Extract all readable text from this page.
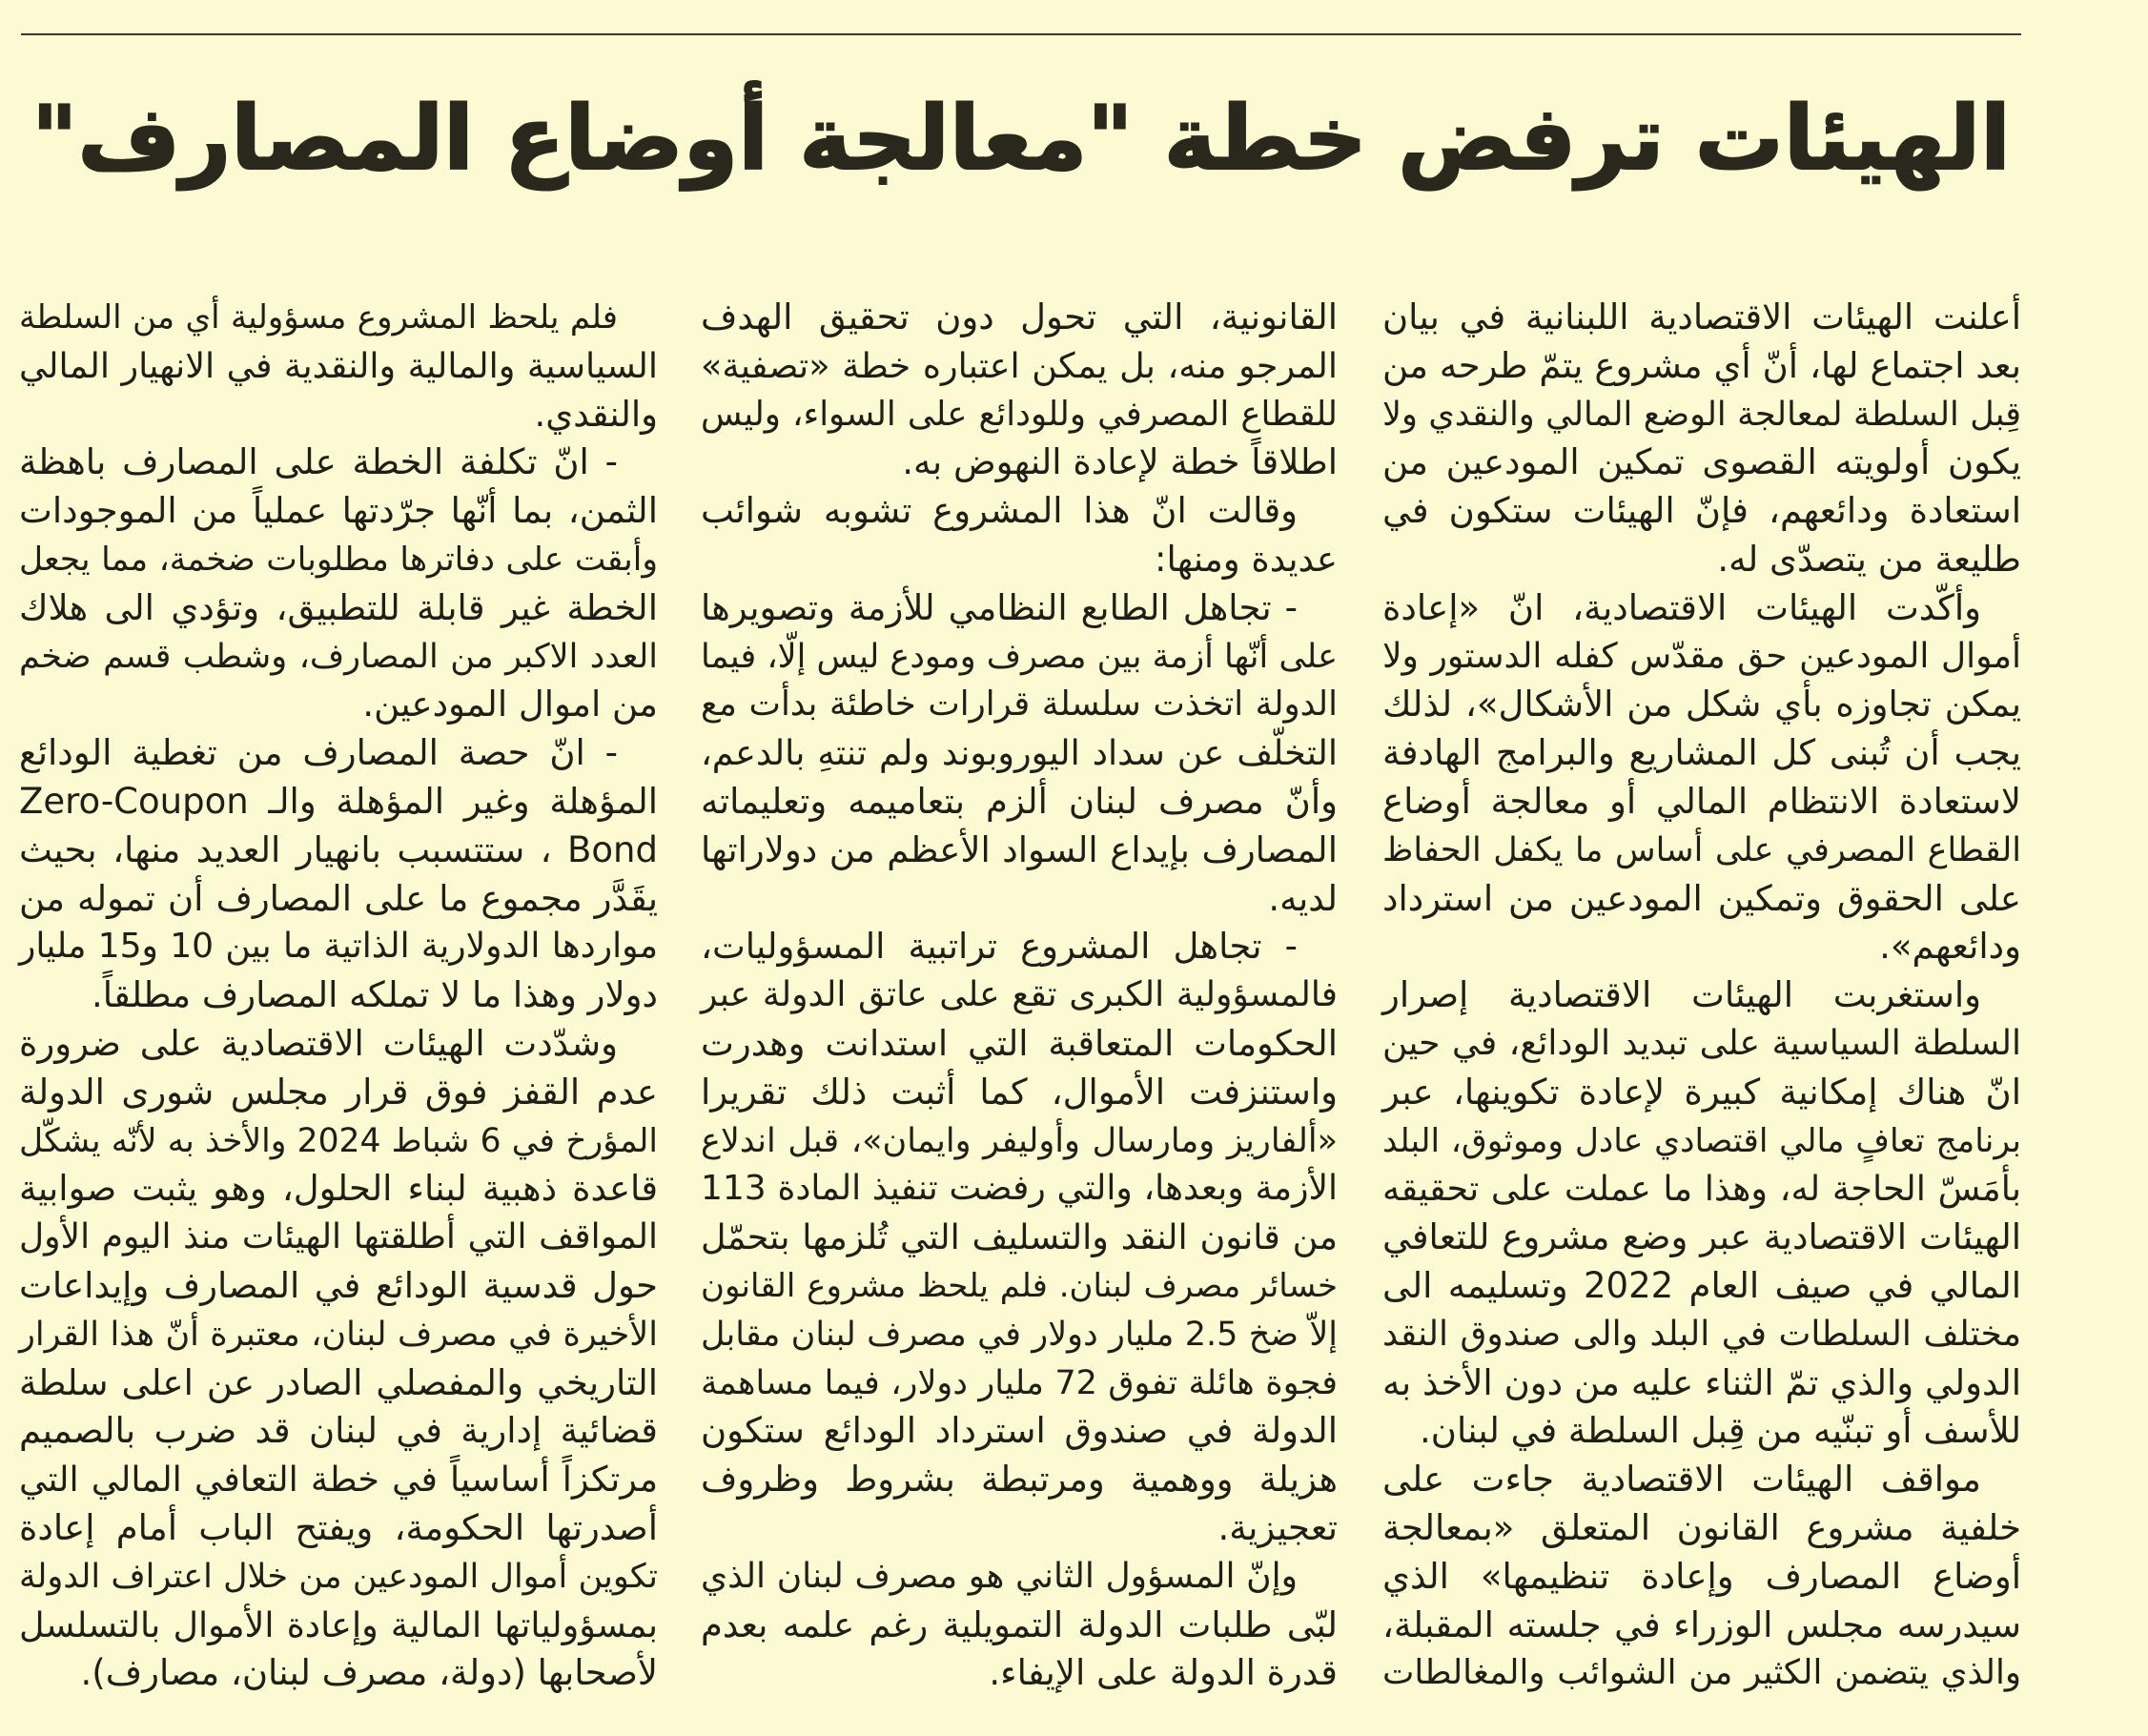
الهيئات ترفض خطة "معالجة أوضاع المصارف"
أعلنت الهيئات الاقتصادية اللبنانية في بيان
بعد اجتماع لها، أنّ أي مشروع يتمّ طرحه من
قِبل السلطة لمعالجة الوضع المالي والنقدي ولا
يكون أولويته القصوى تمكين المودعين من
استعادة ودائعهم، فإنّ الهيئات ستكون في
طليعة من يتصدّى له.
وأكّدت الهيئات الاقتصادية، انّ «إعادة
أموال المودعين حق مقدّس كفله الدستور ولا
يمكن تجاوزه بأي شكل من الأشكال»، لذلك
يجب أن تُبنى كل المشاريع والبرامج الهادفة
لاستعادة الانتظام المالي أو معالجة أوضاع
القطاع المصرفي على أساس ما يكفل الحفاظ
على الحقوق وتمكين المودعين من استرداد
ودائعهم».
واستغربت الهيئات الاقتصادية إصرار
السلطة السياسية على تبديد الودائع، في حين
انّ هناك إمكانية كبيرة لإعادة تكوينها، عبر
برنامج تعافٍ مالي اقتصادي عادل وموثوق، البلد
بأمَسّ الحاجة له، وهذا ما عملت على تحقيقه
الهيئات الاقتصادية عبر وضع مشروع للتعافي
المالي في صيف العام 2022 وتسليمه الى
مختلف السلطات في البلد والى صندوق النقد
الدولي والذي تمّ الثناء عليه من دون الأخذ به
للأسف أو تبنّيه من قِبل السلطة في لبنان.
مواقف الهيئات الاقتصادية جاءت على
خلفية مشروع القانون المتعلق «بمعالجة
أوضاع المصارف وإعادة تنظيمها» الذي
سيدرسه مجلس الوزراء في جلسته المقبلة،
والذي يتضمن الكثير من الشوائب والمغالطات
القانونية، التي تحول دون تحقيق الهدف
المرجو منه، بل يمكن اعتباره خطة «تصفية»
للقطاع المصرفي وللودائع على السواء، وليس
اطلاقاً خطة لإعادة النهوض به.
وقالت انّ هذا المشروع تشوبه شوائب
عديدة ومنها:
- تجاهل الطابع النظامي للأزمة وتصويرها
على أنّها أزمة بين مصرف ومودع ليس إلّا، فيما
الدولة اتخذت سلسلة قرارات خاطئة بدأت مع
التخلّف عن سداد اليوروبوند ولم تنتهِ بالدعم،
وأنّ مصرف لبنان ألزم بتعاميمه وتعليماته
المصارف بإيداع السواد الأعظم من دولاراتها
لديه.
- تجاهل المشروع تراتبية المسؤوليات،
فالمسؤولية الكبرى تقع على عاتق الدولة عبر
الحكومات المتعاقبة التي استدانت وهدرت
واستنزفت الأموال، كما أثبت ذلك تقريرا
«ألفاريز ومارسال وأوليفر وايمان»، قبل اندلاع
الأزمة وبعدها، والتي رفضت تنفيذ المادة 113
من قانون النقد والتسليف التي تُلزمها بتحمّل
خسائر مصرف لبنان. فلم يلحظ مشروع القانون
إلاّ ضخ 2.5 مليار دولار في مصرف لبنان مقابل
فجوة هائلة تفوق 72 مليار دولار، فيما مساهمة
الدولة في صندوق استرداد الودائع ستكون
هزيلة ووهمية ومرتبطة بشروط وظروف
تعجيزية.
وإنّ المسؤول الثاني هو مصرف لبنان الذي
لبّى طلبات الدولة التمويلية رغم علمه بعدم
قدرة الدولة على الإيفاء.
فلم يلحظ المشروع مسؤولية أي من السلطة
السياسية والمالية والنقدية في الانهيار المالي
والنقدي.
- انّ تكلفة الخطة على المصارف باهظة
الثمن، بما أنّها جرّدتها عملياً من الموجودات
وأبقت على دفاترها مطلوبات ضخمة، مما يجعل
الخطة غير قابلة للتطبيق، وتؤدي الى هلاك
العدد الاكبر من المصارف، وشطب قسم ضخم
من اموال المودعين.
- انّ حصة المصارف من تغطية الودائع
المؤهلة وغير المؤهلة والـ Zero-Coupon
Bond ، ستتسبب بانهيار العديد منها، بحيث
يقَدَّر مجموع ما على المصارف أن تموله من
مواردها الدولارية الذاتية ما بين 10 و15 مليار
دولار وهذا ما لا تملكه المصارف مطلقاً.
وشدّدت الهيئات الاقتصادية على ضرورة
عدم القفز فوق قرار مجلس شورى الدولة
المؤرخ في 6 شباط 2024 والأخذ به لأنّه يشكّل
قاعدة ذهبية لبناء الحلول، وهو يثبت صوابية
المواقف التي أطلقتها الهيئات منذ اليوم الأول
حول قدسية الودائع في المصارف وإيداعات
الأخيرة في مصرف لبنان، معتبرة أنّ هذا القرار
التاريخي والمفصلي الصادر عن اعلى سلطة
قضائية إدارية في لبنان قد ضرب بالصميم
مرتكزاً أساسياً في خطة التعافي المالي التي
أصدرتها الحكومة، ويفتح الباب أمام إعادة
تكوين أموال المودعين من خلال اعتراف الدولة
بمسؤولياتها المالية وإعادة الأموال بالتسلسل
لأصحابها (دولة، مصرف لبنان، مصارف).
